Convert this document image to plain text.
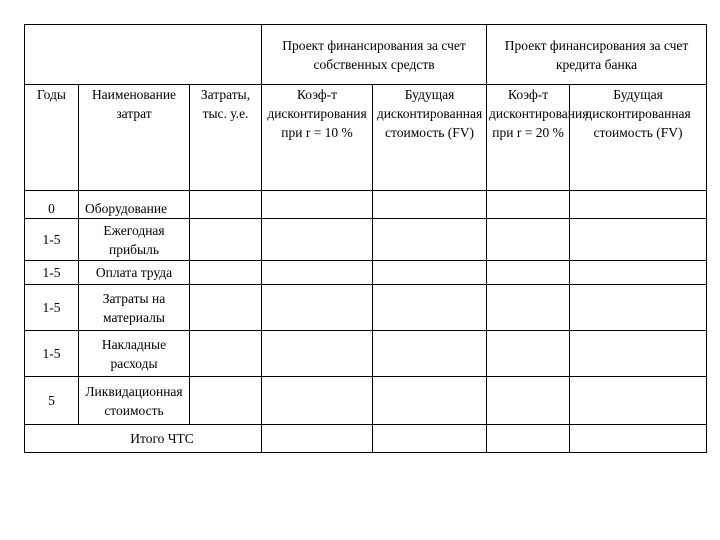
			Проект финансирования за счет собственных средств		Проект финансирования за счет кредита банка	
Годы	Наименование затрат	Затраты, тыс. у.е.	Коэф-т дисконтирования при r = 10 %	Будущая дисконтированная стоимость (FV)	Коэф-т дисконтирования при r = 20 %	Будущая дисконтированная стоимость (FV)
0	Оборудование					
1-5	Ежегодная прибыль					
1-5	Оплата труда					
1-5	Затраты на материалы					
1-5	Накладные расходы					
5	Ликвидационная стоимость					
Итого ЧТС						
